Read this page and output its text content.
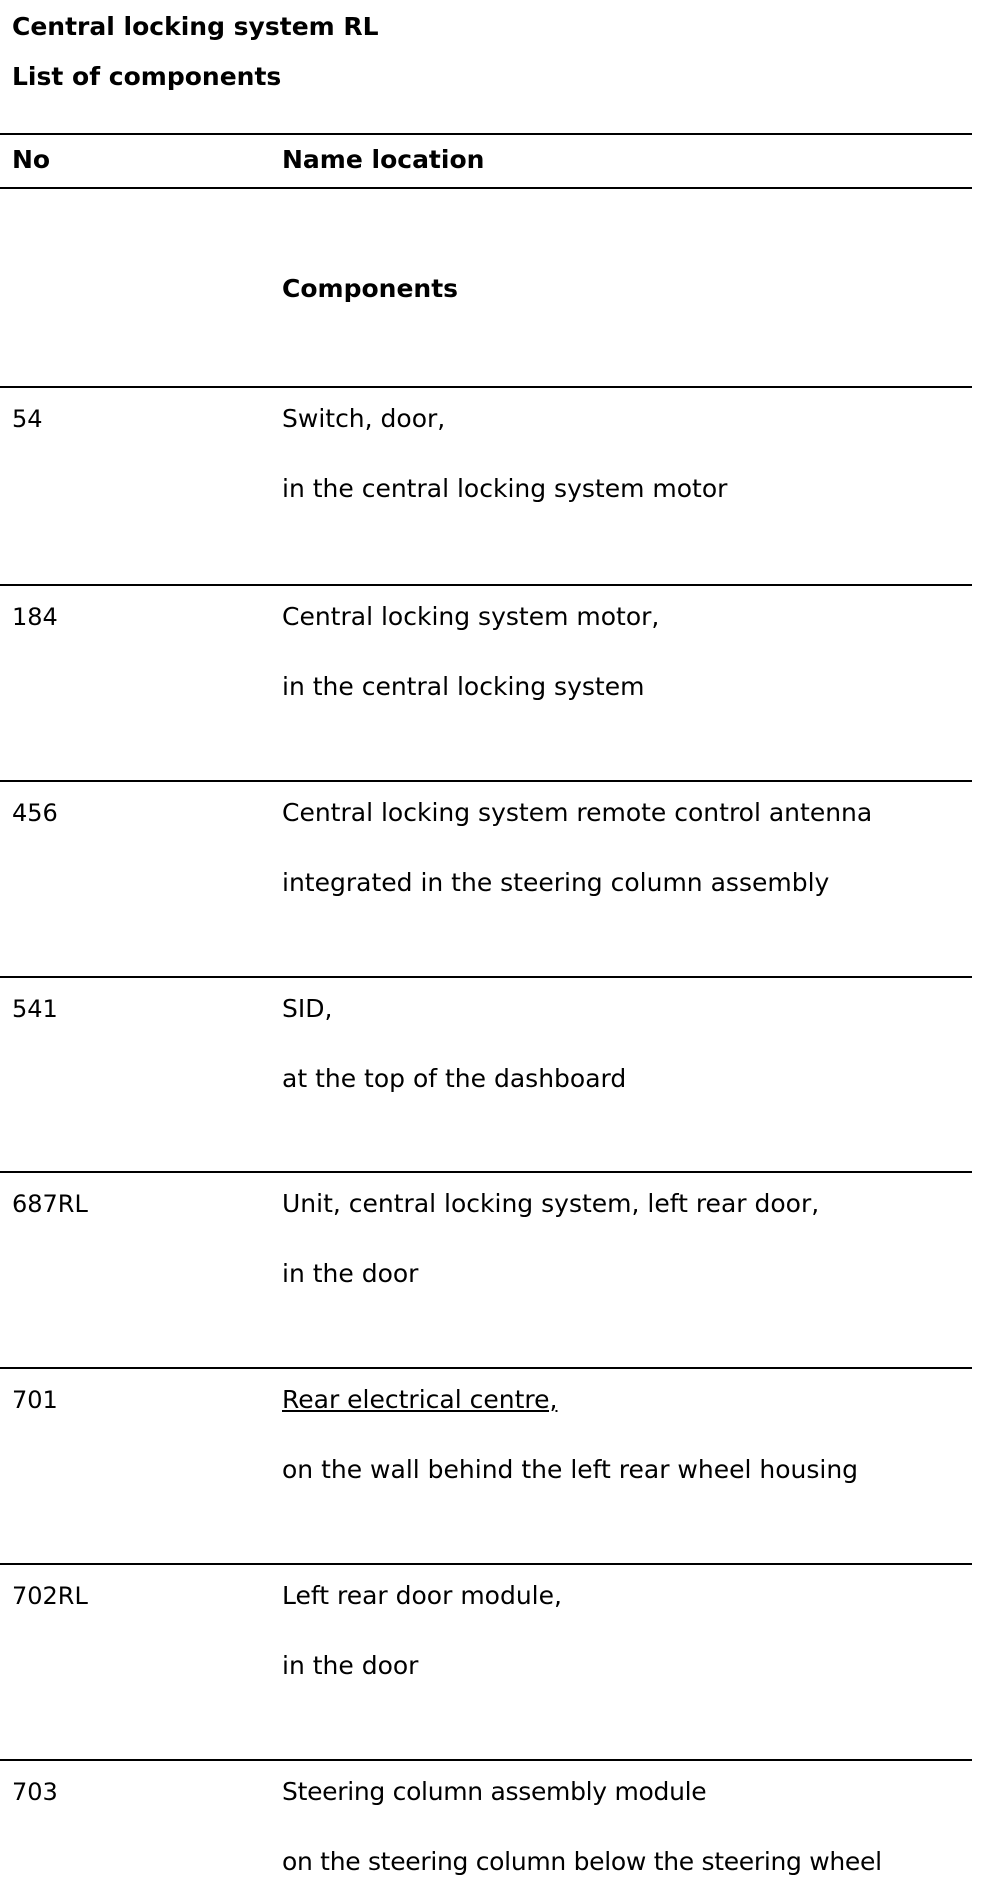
Central locking system RL
List of components
No	Name location
Components
54	Switch, door,
in the central locking system motor
184	Central locking system motor,
in the central locking system
456	Central locking system remote control antenna
integrated in the steering column assembly
541	SID,
at the top of the dashboard
687RL	Unit, central locking system, left rear door,
in the door
701	Rear electrical centre,
on the wall behind the left rear wheel housing
702RL	Left rear door module,
in the door
703	Steering column assembly module
on the steering column below the steering wheel
